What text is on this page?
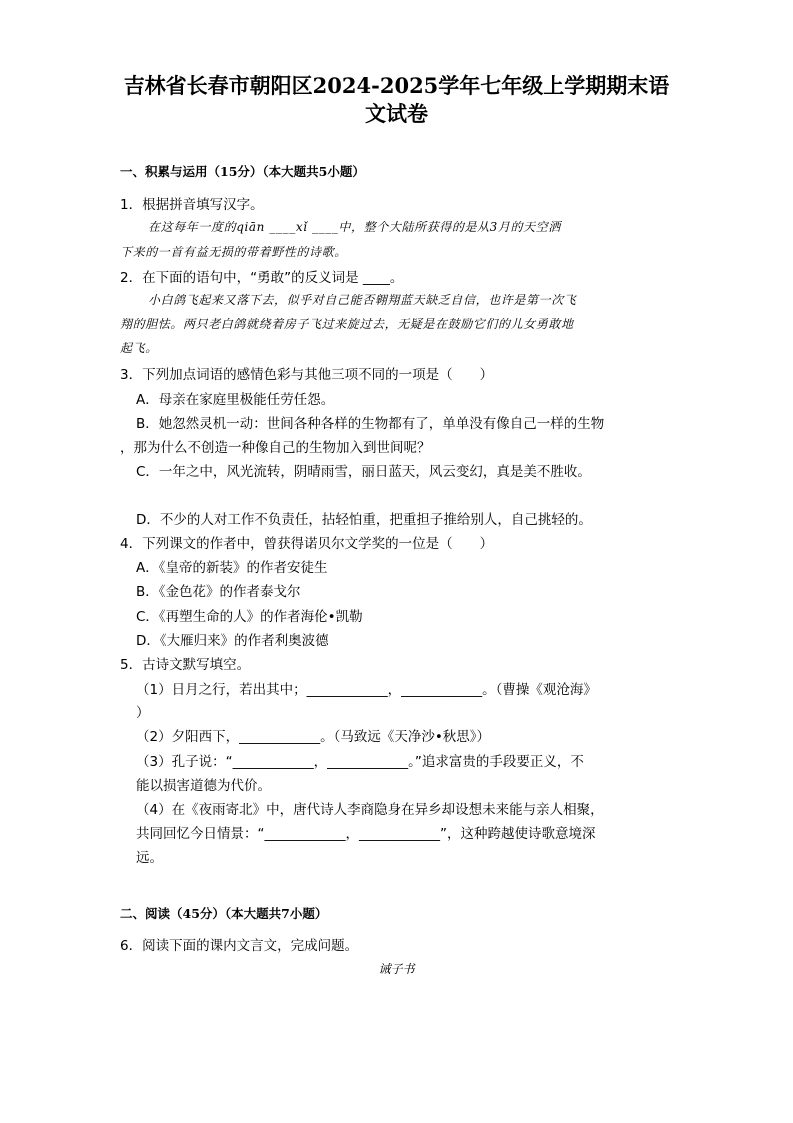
吉林省长春市朝阳区2024-2025学年七年级上学期期末语
文试卷
一、积累与运用（15分）（本大题共5小题）
1．根据拼音填写汉字。
在这每年一度的qiān ____xǐ ____中，整个大陆所获得的是从3月的天空洒
下来的一首有益无损的带着野性的诗歌。
2．在下面的语句中，“勇敢”的反义词是 ____。
小白鸽飞起来又落下去，似乎对自己能否翱翔蓝天缺乏自信，也许是第一次飞
翔的胆怯。两只老白鸽就绕着房子飞过来旋过去，无疑是在鼓励它们的儿女勇敢地
起飞。
3．下列加点词语的感情色彩与其他三项不同的一项是（　　）
A．母亲在家庭里极能任劳任怨。
B．她忽然灵机一动：世间各种各样的生物都有了，单单没有像自己一样的生物
，那为什么不创造一种像自己的生物加入到世间呢？
C．一年之中，风光流转，阴晴雨雪，丽日蓝天，风云变幻，真是美不胜收。
D．不少的人对工作不负责任，拈轻怕重，把重担子推给别人，自己挑轻的。
4．下列课文的作者中，曾获得诺贝尔文学奖的一位是（　　）
A．《皇帝的新装》的作者安徒生
B．《金色花》的作者泰戈尔
C．《再塑生命的人》的作者海伦•凯勒
D．《大雁归来》的作者利奥波德
5．古诗文默写填空。
（1）日月之行，若出其中；____________，____________。（曹操《观沧海》
）
（2）夕阳西下，____________。（马致远《天净沙•秋思》）
（3）孔子说：“____________，____________。”追求富贵的手段要正义，不
能以损害道德为代价。
（4）在《夜雨寄北》中，唐代诗人李商隐身在异乡却设想未来能与亲人相聚，
共同回忆今日情景：“____________，____________”，这种跨越使诗歌意境深
远。
二、阅读（45分）（本大题共7小题）
6．阅读下面的课内文言文，完成问题。
诫子书
